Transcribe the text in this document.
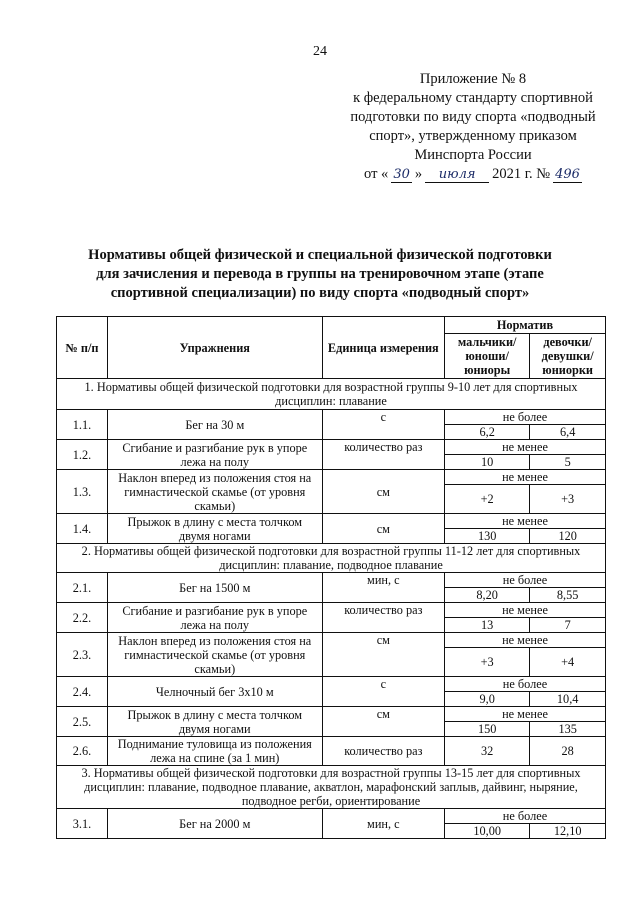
24
Приложение № 8
к федеральному стандарту спортивной
подготовки по виду спорта «подводный
спорт», утвержденному приказом
Минспорта России
от « 30 »	июля	2021 г. № 496
Нормативы общей физической и специальной физической подготовки
для зачисления и перевода в группы на тренировочном этапе (этапе
спортивной специализации) по виду спорта «подводный спорт»
№ п/п	Упражнения	Единица измерения	Норматив	
			мальчики/ юноши/ юниоры	девочки/ девушки/ юниорки
1. Нормативы общей физической подготовки для возрастной группы 9-10 лет для спортивных дисциплин: плавание				
1.1.	Бег на 30 м	с	не более	
			6,2	6,4
1.2.	Сгибание и разгибание рук в упоре лежа на полу	количество раз	не менее	
			10	5
1.3.	Наклон вперед из положения стоя на гимнастической скамье (от уровня скамьи)	см	не менее	
			+2	+3
1.4.	Прыжок в длину с места толчком двумя ногами	см	не менее	
			130	120
2. Нормативы общей физической подготовки для возрастной группы 11-12 лет для спортивных дисциплин: плавание, подводное плавание				
2.1.	Бег на 1500 м	мин, с	не более	
			8,20	8,55
2.2.	Сгибание и разгибание рук в упоре лежа на полу	количество раз	не менее	
			13	7
2.3.	Наклон вперед из положения стоя на гимнастической скамье (от уровня скамьи)	см	не менее	
			+3	+4
2.4.	Челночный бег 3х10 м	с	не более	
			9,0	10,4
2.5.	Прыжок в длину с места толчком двумя ногами	см	не менее	
			150	135
2.6.	Поднимание туловища из положения лежа на спине (за 1 мин)	количество раз	32	28
3. Нормативы общей физической подготовки для возрастной группы 13-15 лет для спортивных дисциплин: плавание, подводное плавание, акватлон, марафонский заплыв, дайвинг, ныряние, подводное регби, ориентирование				
3.1.	Бег на 2000 м	мин, с	не более	
			10,00	12,10
